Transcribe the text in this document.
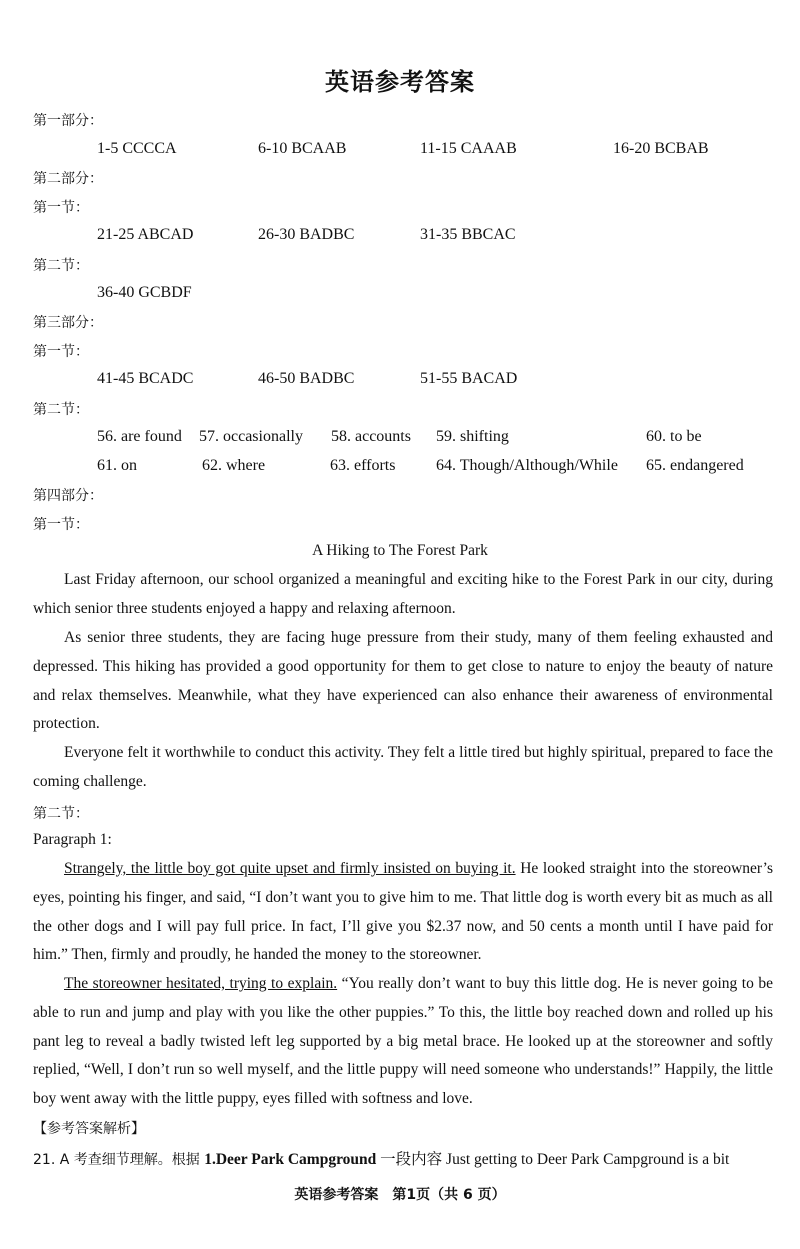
英语参考答案
第一部分：
1-5 CCCCA	6-10 BCAAB	11-15 CAAAB	16-20 BCBAB
第二部分：
第一节：
21-25 ABCAD	26-30 BADBC	31-35 BBCAC
第二节：
36-40 GCBDF
第三部分：
第一节：
41-45 BCADC	46-50 BADBC	51-55 BACAD
第二节：
56. are found 57. occasionally 58. accounts 59. shifting	60. to be
61. on	62. where	63. efforts	64. Though/Although/While 65. endangered
第四部分：
第一节：
A Hiking to The Forest Park
Last Friday afternoon, our school organized a meaningful and exciting hike to the Forest Park in our city, during which senior three students enjoyed a happy and relaxing afternoon.
As senior three students, they are facing huge pressure from their study, many of them feeling exhausted and depressed. This hiking has provided a good opportunity for them to get close to nature to enjoy the beauty of nature and relax themselves. Meanwhile, what they have experienced can also enhance their awareness of environmental protection.
Everyone felt it worthwhile to conduct this activity. They felt a little tired but highly spiritual, prepared to face the coming challenge.
第二节：
Paragraph 1:
Strangely, the little boy got quite upset and firmly insisted on buying it. He looked straight into the storeowner’s eyes, pointing his finger, and said, “I don’t want you to give him to me. That little dog is worth every bit as much as all the other dogs and I will pay full price. In fact, I’ll give you $2.37 now, and 50 cents a month until I have paid for him.” Then, firmly and proudly, he handed the money to the storeowner.
The storeowner hesitated, trying to explain. “You really don’t want to buy this little dog. He is never going to be able to run and jump and play with you like the other puppies.” To this, the little boy reached down and rolled up his pant leg to reveal a badly twisted left leg supported by a big metal brace. He looked up at the storeowner and softly replied, “Well, I don’t run so well myself, and the little puppy will need someone who understands!” Happily, the little boy went away with the little puppy, eyes filled with softness and love.
【参考答案解析】
21. A 考查细节理解。根据 1.Deer Park Campground 一段内容 Just getting to Deer Park Campground is a bit
英语参考答案　第1页（共 6 页）
